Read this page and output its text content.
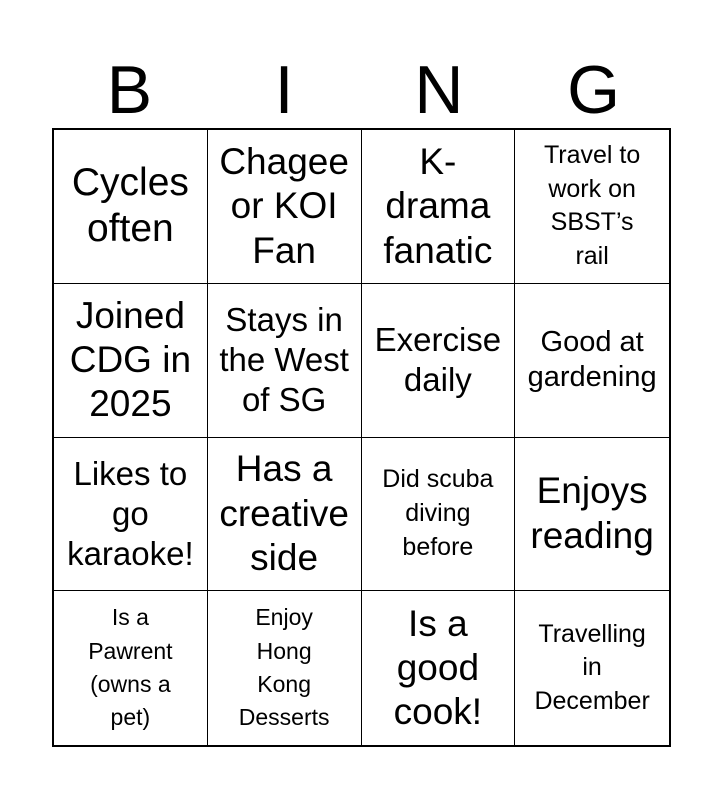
B	I	N	G
Cycles
often
Chagee
or KOI
Fan
K-
drama
fanatic
Travel to
work on
SBST’s
rail
Joined
CDG in
2025
Stays in
the West
of SG
Exercise
daily
Good at
gardening
Likes to
go
karaoke!
Has a
creative
side
Did scuba
diving
before
Enjoys
reading
Is a
Pawrent
(owns a
pet)
Enjoy
Hong
Kong
Desserts
Is a
good
cook!
Travelling
in
December
